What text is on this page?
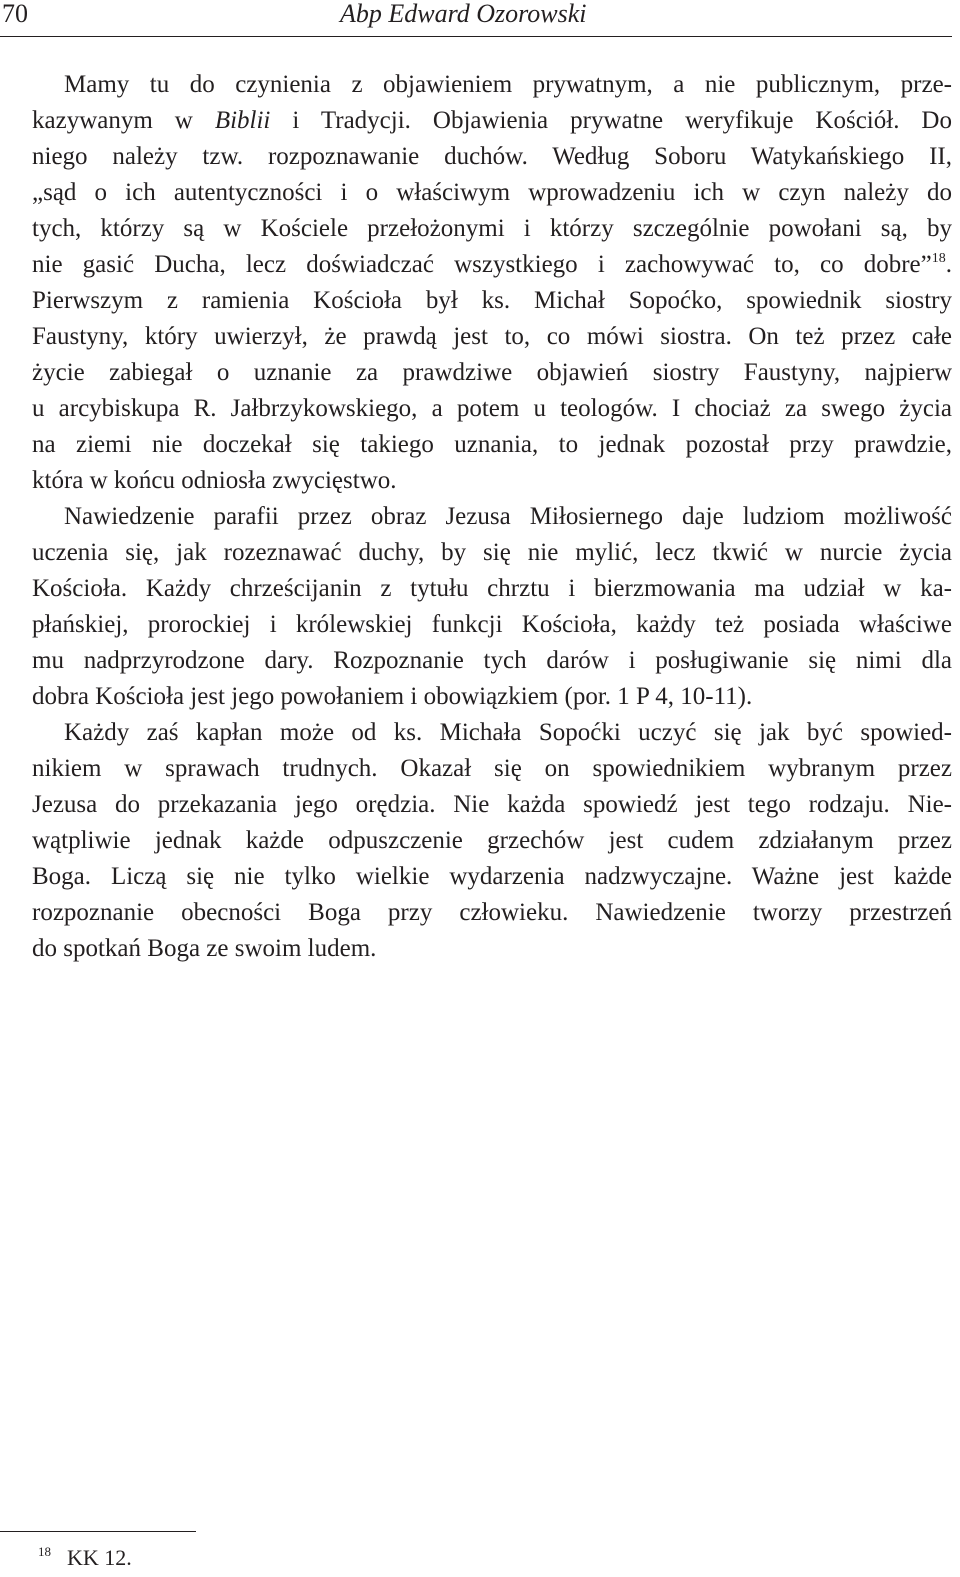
70	Abp Edward Ozorowski
Mamy tu do czynienia z objawieniem prywatnym, a nie publicznym, prze-
kazywanym w Biblii i Tradycji. Objawienia prywatne weryfikuje Kościół. Do
niego należy tzw. rozpoznawanie duchów. Według Soboru Watykańskiego II,
„sąd o ich autentyczności i o właściwym wprowadzeniu ich w czyn należy do
tych, którzy są w Kościele przełożonymi i którzy szczególnie powołani są, by
nie gasić Ducha, lecz doświadczać wszystkiego i zachowywać to, co dobre”$^{18}$.
Pierwszym z ramienia Kościoła był ks. Michał Sopoćko, spowiednik siostry
Faustyny, który uwierzył, że prawdą jest to, co mówi siostra. On też przez całe
życie zabiegał o uznanie za prawdziwe objawień siostry Faustyny, najpierw
u arcybiskupa R. Jałbrzykowskiego, a potem u teologów. I chociaż za swego życia
na ziemi nie doczekał się takiego uznania, to jednak pozostał przy prawdzie,
która w końcu odniosła zwycięstwo.
Nawiedzenie parafii przez obraz Jezusa Miłosiernego daje ludziom możliwość
uczenia się, jak rozeznawać duchy, by się nie mylić, lecz tkwić w nurcie życia
Kościoła. Każdy chrześcijanin z tytułu chrztu i bierzmowania ma udział w ka-
płańskiej, prorockiej i królewskiej funkcji Kościoła, każdy też posiada właściwe
mu nadprzyrodzone dary. Rozpoznanie tych darów i posługiwanie się nimi dla
dobra Kościoła jest jego powołaniem i obowiązkiem (por. 1 P 4, 10-11).
Każdy zaś kapłan może od ks. Michała Sopoćki uczyć się jak być spowied-
nikiem w sprawach trudnych. Okazał się on spowiednikiem wybranym przez
Jezusa do przekazania jego orędzia. Nie każda spowiedź jest tego rodzaju. Nie-
wątpliwie jednak każde odpuszczenie grzechów jest cudem zdziałanym przez
Boga. Liczą się nie tylko wielkie wydarzenia nadzwyczajne. Ważne jest każde
rozpoznanie obecności Boga przy człowieku. Nawiedzenie tworzy przestrzeń
do spotkań Boga ze swoim ludem.
$^{18}$ KK 12.
